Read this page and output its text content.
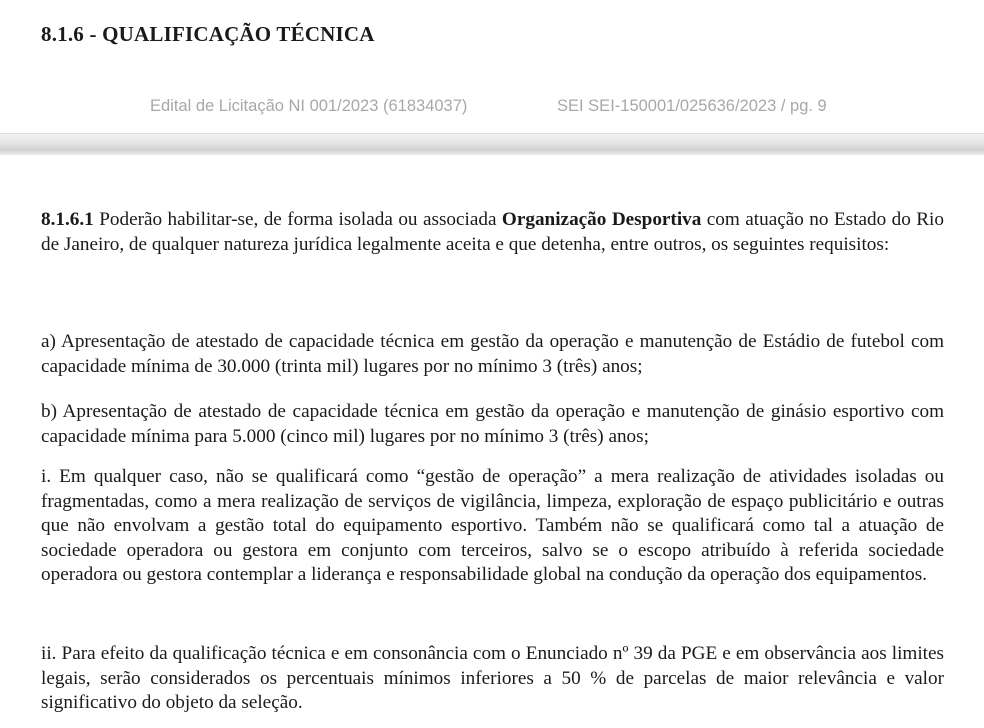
8.1.6 - QUALIFICAÇÃO TÉCNICA
Edital de Licitação NI 001/2023 (61834037)	SEI SEI-150001/025636/2023 / pg. 9

8.1.6.1 Poderão habilitar-se, de forma isolada ou associada Organização Desportiva com atuação no Estado do Rio de Janeiro, de qualquer natureza jurídica legalmente aceita e que detenha, entre outros, os seguintes requisitos:

a) Apresentação de atestado de capacidade técnica em gestão da operação e manutenção de Estádio de futebol com capacidade mínima de 30.000 (trinta mil) lugares por no mínimo 3 (três) anos;

b) Apresentação de atestado de capacidade técnica em gestão da operação e manutenção de ginásio esportivo com capacidade mínima para 5.000 (cinco mil) lugares por no mínimo 3 (três) anos;

i. Em qualquer caso, não se qualificará como “gestão de operação” a mera realização de atividades isoladas ou fragmentadas, como a mera realização de serviços de vigilância, limpeza, exploração de espaço publicitário e outras que não envolvam a gestão total do equipamento esportivo. Também não se qualificará como tal a atuação de sociedade operadora ou gestora em conjunto com terceiros, salvo se o escopo atribuído à referida sociedade operadora ou gestora contemplar a liderança e responsabilidade global na condução da operação dos equipamentos.

ii. Para efeito da qualificação técnica e em consonância com o Enunciado nº 39 da PGE e em observância aos limites legais, serão considerados os percentuais mínimos inferiores a 50 % de parcelas de maior relevância e valor significativo do objeto da seleção.
